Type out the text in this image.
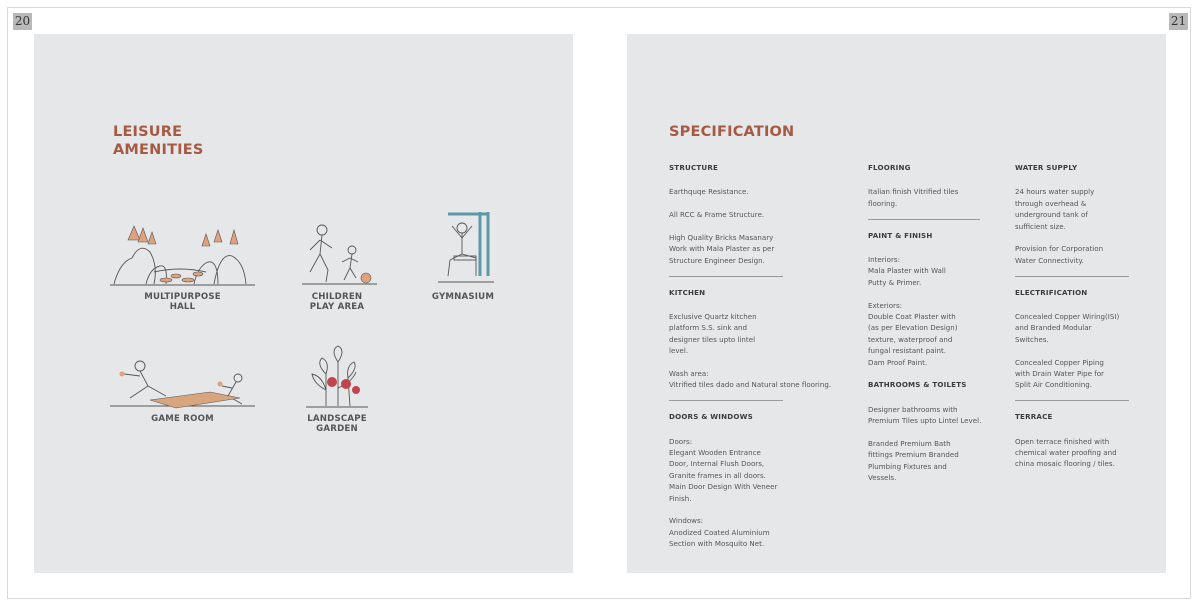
20	21
LEISURE
AMENITIES
MULTIPURPOSE
HALL
CHILDREN
PLAY AREA
GYMNASIUM
GAME ROOM	LANDSCAPE
GARDEN
SPECIFICATION
STRUCTURE
Earthquqe Resistance.
All RCC & Frame Structure.
High Quality Bricks Masanary
Work with Mala Plaster as per
Structure Engineer Design.
KITCHEN
Exclusive Quartz kitchen
platform S.S. sink and
designer tiles upto lintel
level.
Wash area:
Vitrified tiles dado and Natural stone flooring.
DOORS & WINDOWS
Doors:
Elegant Wooden Entrance
Door, Internal Flush Doors,
Granite frames in all doors.
Main Door Design With Veneer
Finish.
Windows:
Anodized Coated Aluminium
Section with Mosquito Net.
FLOORING
Italian finish Vitrified tiles
flooring.
PAINT & FINISH
Interiors:
Mala Plaster with Wall
Putty & Primer.
Exteriors:
Double Coat Plaster with
(as per Elevation Design)
texture, waterproof and
fungal resistant paint.
Dam Proof Paint.
BATHROOMS & TOILETS
Designer bathrooms with
Premium Tiles upto Lintel Level.
Branded Premium Bath
fittings Premium Branded
Plumbing Fixtures and
Vessels.
WATER SUPPLY
24 hours water supply
through overhead &
underground tank of
sufficient size.
Provision for Corporation
Water Connectivity.
ELECTRIFICATION
Concealed Copper Wiring(ISI)
and Branded Modular
Switches.
Concealed Copper Piping
with Drain Water Pipe for
Split Air Conditioning.
TERRACE
Open terrace finished with
chemical water proofing and
china mosaic flooring / tiles.
